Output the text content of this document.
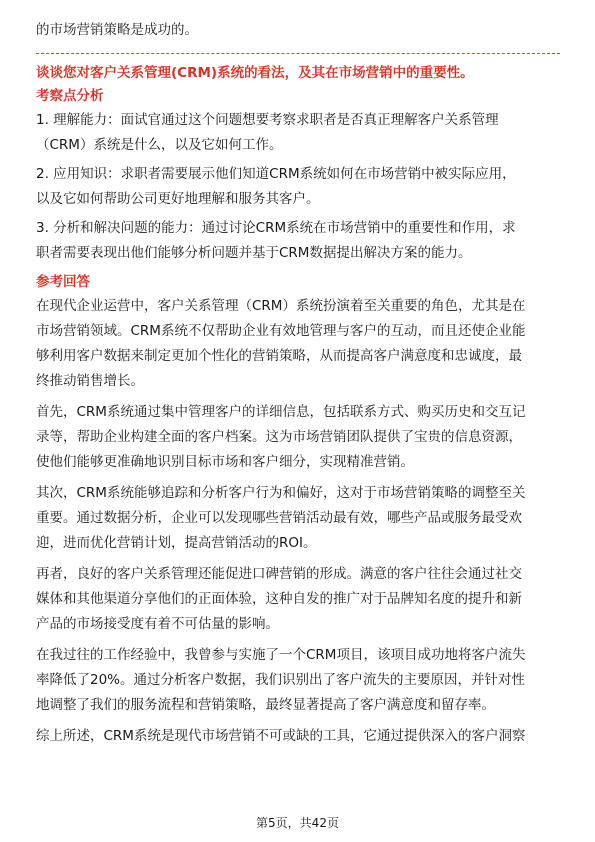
的市场营销策略是成功的。
谈谈您对客户关系管理(CRM)系统的看法，及其在市场营销中的重要性。
考察点分析
1. 理解能力：面试官通过这个问题想要考察求职者是否真正理解客户关系管理
（CRM）系统是什么，以及它如何工作。
2. 应用知识：求职者需要展示他们知道CRM系统如何在市场营销中被实际应用，
以及它如何帮助公司更好地理解和服务其客户。
3. 分析和解决问题的能力：通过讨论CRM系统在市场营销中的重要性和作用，求
职者需要表现出他们能够分析问题并基于CRM数据提出解决方案的能力。
参考回答
在现代企业运营中，客户关系管理（CRM）系统扮演着至关重要的角色，尤其是在
市场营销领域。CRM系统不仅帮助企业有效地管理与客户的互动，而且还使企业能
够利用客户数据来制定更加个性化的营销策略，从而提高客户满意度和忠诚度，最
终推动销售增长。
首先，CRM系统通过集中管理客户的详细信息，包括联系方式、购买历史和交互记
录等，帮助企业构建全面的客户档案。这为市场营销团队提供了宝贵的信息资源，
使他们能够更准确地识别目标市场和客户细分，实现精准营销。
其次，CRM系统能够追踪和分析客户行为和偏好，这对于市场营销策略的调整至关
重要。通过数据分析，企业可以发现哪些营销活动最有效，哪些产品或服务最受欢
迎，进而优化营销计划，提高营销活动的ROI。
再者，良好的客户关系管理还能促进口碑营销的形成。满意的客户往往会通过社交
媒体和其他渠道分享他们的正面体验，这种自发的推广对于品牌知名度的提升和新
产品的市场接受度有着不可估量的影响。
在我过往的工作经验中，我曾参与实施了一个CRM项目，该项目成功地将客户流失
率降低了20%。通过分析客户数据，我们识别出了客户流失的主要原因，并针对性
地调整了我们的服务流程和营销策略，最终显著提高了客户满意度和留存率。
综上所述，CRM系统是现代市场营销不可或缺的工具，它通过提供深入的客户洞察
第5页，共42页
